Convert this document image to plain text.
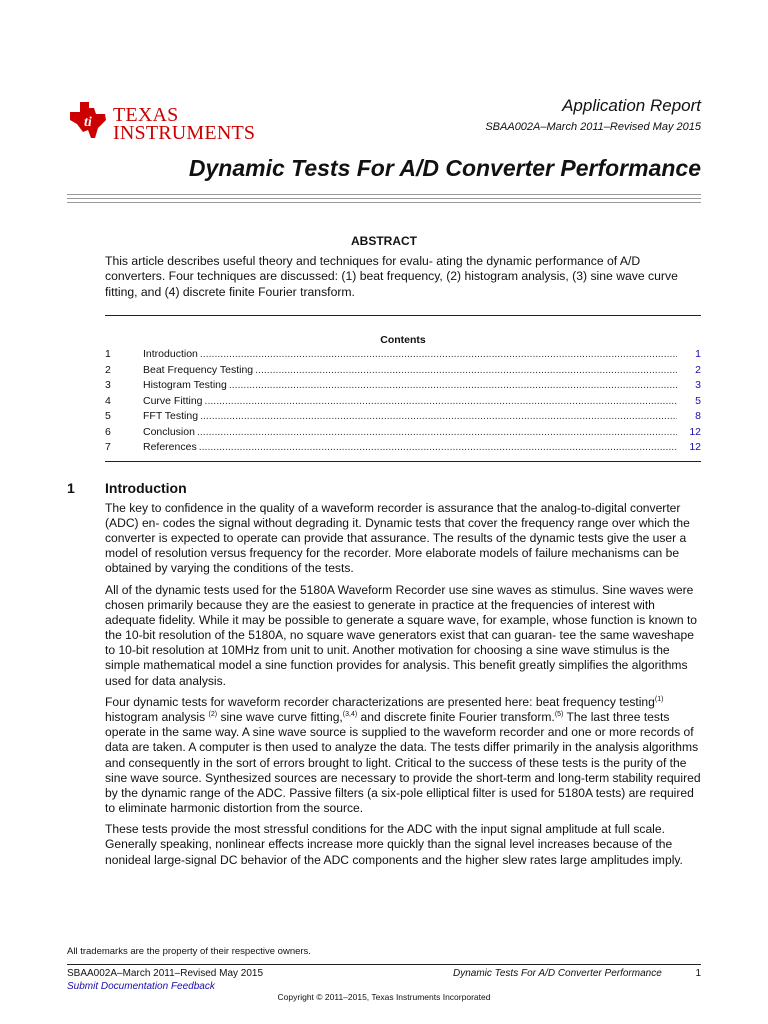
ti TEXAS
INSTRUMENTS
Application Report
SBAA002A–March 2011–Revised May 2015
Dynamic Tests For A/D Converter Performance
ABSTRACT
This article describes useful theory and techniques for evalu- ating the dynamic performance of A/D converters. Four techniques are discussed: (1) beat frequency, (2) histogram analysis, (3) sine wave curve fitting, and (4) discrete finite Fourier transform.
Contents
1	Introduction .....	1
2	Beat Frequency Testing .....	2
3	Histogram Testing .....	3
4	Curve Fitting .....	5
5	FFT Testing .....	8
6	Conclusion .....	12
7	References .....	12
1 Introduction

The key to confidence in the quality of a waveform recorder is assurance that the analog-to-digital converter (ADC) en- codes the signal without degrading it. Dynamic tests that cover the frequency range over which the converter is expected to operate can provide that assurance. The results of the dynamic tests give the user a model of resolution versus frequency for the recorder. More elaborate models of failure mechanisms can be obtained by varying the conditions of the tests.

All of the dynamic tests used for the 5180A Waveform Recorder use sine waves as stimulus. Sine waves were chosen primarily because they are the easiest to generate in practice at the frequencies of interest with adequate fidelity. While it may be possible to generate a square wave, for example, whose function is known to the 10-bit resolution of the 5180A, no square wave generators exist that can guaran- tee the same waveshape to 10-bit resolution at 10MHz from unit to unit. Another motivation for choosing a sine wave stimulus is the simple mathematical model a sine function provides for analysis. This benefit greatly simplifies the algorithms used for data analysis.

Four dynamic tests for waveform recorder characterizations are presented here: beat frequency testing$^{(1)}$ histogram analysis $^{(2)}$ sine wave curve fitting,$^{(3,4)}$ and discrete finite Fourier transform.$^{(5)}$ The last three tests operate in the same way. A sine wave source is supplied to the waveform recorder and one or more records of data are taken. A computer is then used to analyze the data. The tests differ primarily in the analysis algorithms and consequently in the sort of errors brought to light. Critical to the success of these tests is the purity of the sine wave source. Synthesized sources are necessary to provide the short-term and long-term stability required by the dynamic range of the ADC. Passive filters (a six-pole elliptical filter is used for 5180A tests) are required to eliminate harmonic distortion from the source.

These tests provide the most stressful conditions for the ADC with the input signal amplitude at full scale. Generally speaking, nonlinear effects increase more quickly than the signal level increases because of the nonideal large-signal DC behavior of the ADC components and the higher slew rates large amplitudes imply.

All trademarks are the property of their respective owners.
SBAA002A–March 2011–Revised May 2015
Submit Documentation Feedback
Dynamic Tests For A/D Converter Performance	1
Copyright © 2011–2015, Texas Instruments Incorporated
